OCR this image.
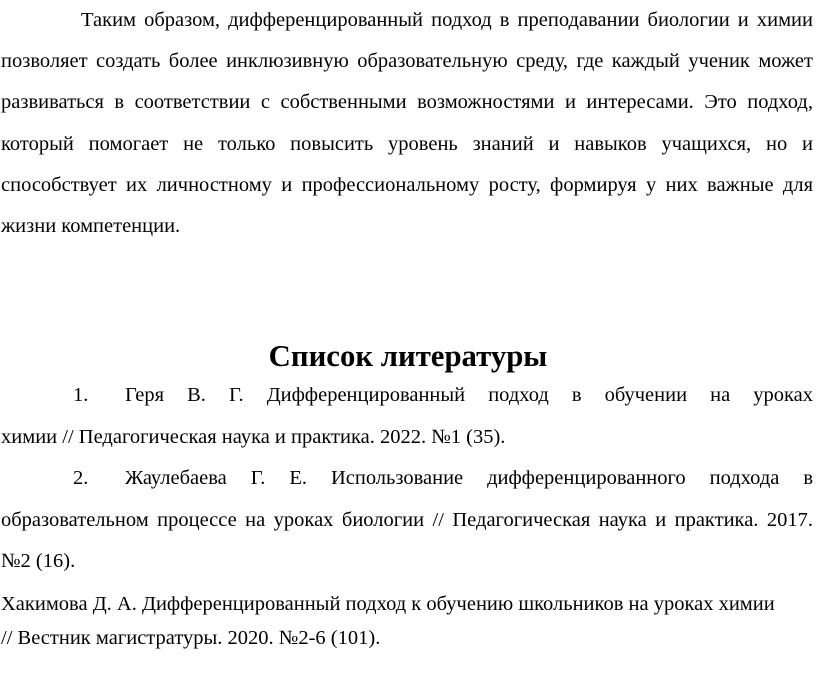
Таким образом, дифференцированный подход в преподавании биологии и химии позволяет создать более инклюзивную образовательную среду, где каждый ученик может развиваться в соответствии с собственными возможностями и интересами. Это подход, который помогает не только повысить уровень знаний и навыков учащихся, но и способствует их личностному и профессиональному росту, формируя у них важные для жизни компетенции.

Список литературы
1. Геря В. Г. Дифференцированный подход в обучении на уроках
химии // Педагогическая наука и практика. 2022. №1 (35).
2. Жаулебаева Г. Е. Использование дифференцированного подхода в
образовательном процессе на уроках биологии // Педагогическая наука и практика. 2017. №2 (16).

Хакимова Д. А. Дифференцированный подход к обучению школьников на уроках химии // Вестник магистратуры. 2020. №2-6 (101).
